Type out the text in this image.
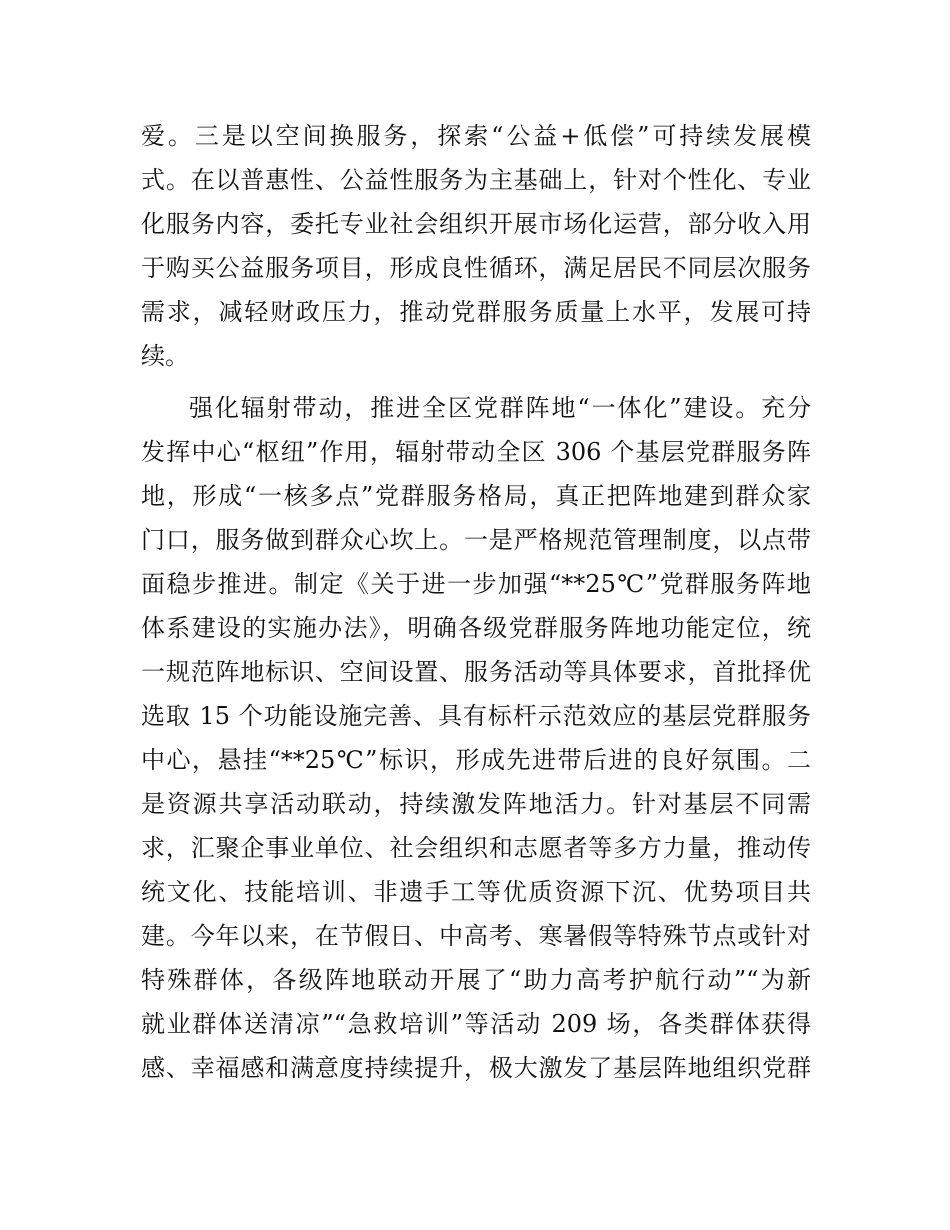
爱。三是以空间换服务，探索“公益+低偿”可持续发展模
式。在以普惠性、公益性服务为主基础上，针对个性化、专业
化服务内容，委托专业社会组织开展市场化运营，部分收入用
于购买公益服务项目，形成良性循环，满足居民不同层次服务
需求，减轻财政压力，推动党群服务质量上水平，发展可持
续。
强化辐射带动，推进全区党群阵地“一体化”建设。充分
发挥中心“枢纽”作用，辐射带动全区 306 个基层党群服务阵
地，形成“一核多点”党群服务格局，真正把阵地建到群众家
门口，服务做到群众心坎上。一是严格规范管理制度，以点带
面稳步推进。制定《关于进一步加强“**25℃”党群服务阵地
体系建设的实施办法》，明确各级党群服务阵地功能定位，统
一规范阵地标识、空间设置、服务活动等具体要求，首批择优
选取 15 个功能设施完善、具有标杆示范效应的基层党群服务
中心，悬挂“**25℃”标识，形成先进带后进的良好氛围。二
是资源共享活动联动，持续激发阵地活力。针对基层不同需
求，汇聚企事业单位、社会组织和志愿者等多方力量，推动传
统文化、技能培训、非遗手工等优质资源下沉、优势项目共
建。今年以来，在节假日、中高考、寒暑假等特殊节点或针对
特殊群体，各级阵地联动开展了“助力高考护航行动”“为新
就业群体送清凉”“急救培训”等活动 209 场，各类群体获得
感、幸福感和满意度持续提升，极大激发了基层阵地组织党群
